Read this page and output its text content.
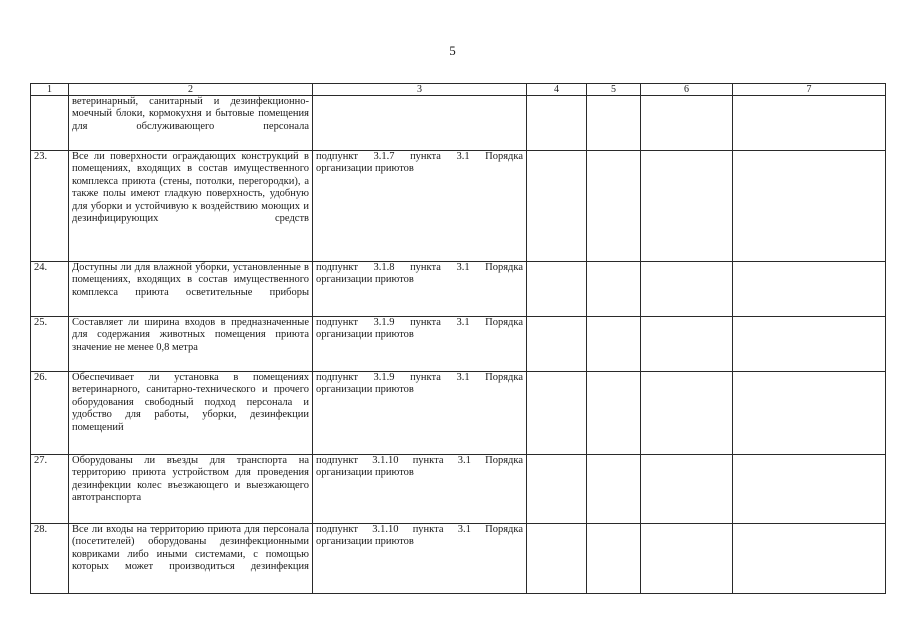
5
1	2	3	4	5	6	7
	ветеринарный, санитарный и дезинфекционно-моечный блоки, кормокухня и бытовые помещения для обслуживающего персонала					
23.	Все ли поверхности ограждающих конструкций в помещениях, входящих в состав имущественного комплекса приюта (стены, потолки, перегородки), а также полы имеют гладкую поверхность, удобную для уборки и устойчивую к воздействию моющих и дезинфицирующих средств	подпункт 3.1.7 пункта 3.1 Порядка организации приютов				
24.	Доступны ли для влажной уборки, установленные в помещениях, входящих в состав имущественного комплекса приюта осветительные приборы	подпункт 3.1.8 пункта 3.1 Порядка организации приютов				
25.	Составляет ли ширина входов в предназначенные для содержания животных помещения приюта значение не менее 0,8 метра	подпункт 3.1.9 пункта 3.1 Порядка организации приютов				
26.	Обеспечивает ли установка в помещениях ветеринарного, санитарно-технического и прочего оборудования свободный подход персонала и удобство для работы, уборки, дезинфекции помещений	подпункт 3.1.9 пункта 3.1 Порядка организации приютов				
27.	Оборудованы ли въезды для транспорта на территорию приюта устройством для проведения дезинфекции колес въезжающего и выезжающего автотранспорта	подпункт 3.1.10 пункта 3.1 Порядка организации приютов				
28.	Все ли входы на территорию приюта для персонала (посетителей) оборудованы дезинфекционными ковриками либо иными системами, с помощью которых может производиться дезинфекция	подпункт 3.1.10 пункта 3.1 Порядка организации приютов				
